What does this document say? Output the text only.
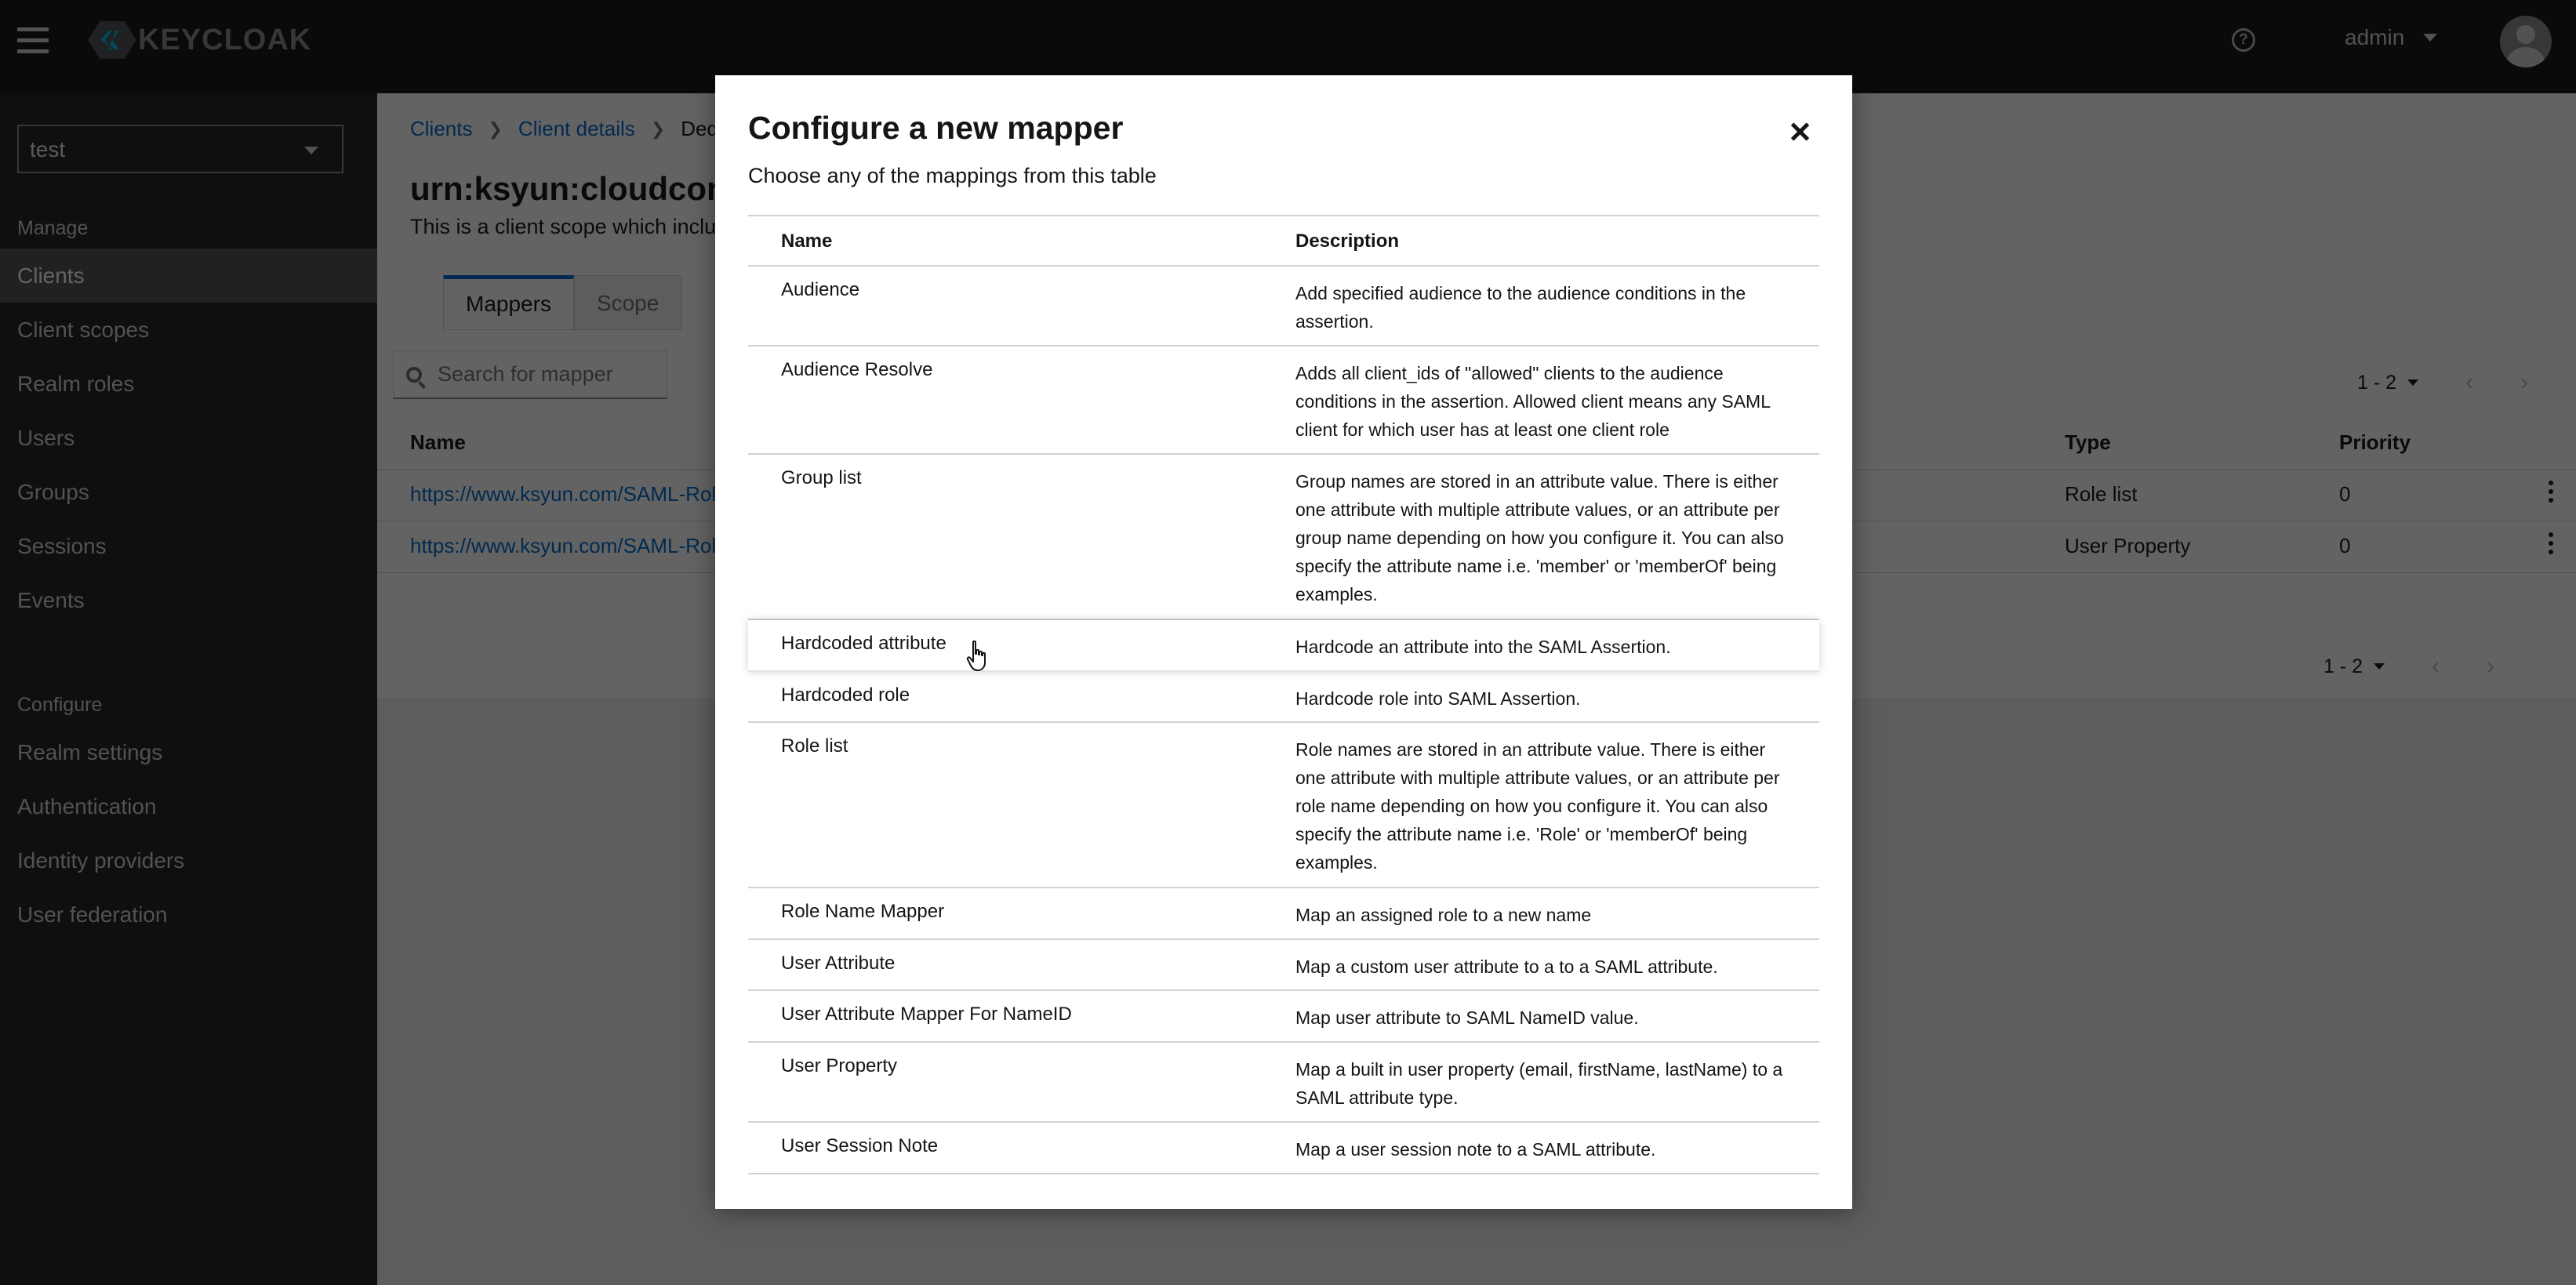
Search for mapper
Configure a new mapper

Choose any of the mappings from this table

Name	Description
Audience	Add specified audience to the audience conditions in the assertion.
Audience Resolve	Adds all client_ids of "allowed" clients to the audience conditions in the assertion. Allowed client means any SAML client for which user has at least one client role
Group list	Group names are stored in an attribute value. There is either one attribute with multiple attribute values, or an attribute per group name depending on how you configure it. You can also specify the attribute name i.e. 'member' or 'memberOf' being examples.
Hardcoded attribute	Hardcode an attribute into the SAML Assertion.
Hardcoded role	Hardcode role into SAML Assertion.
Role list	Role names are stored in an attribute value. There is either one attribute with multiple attribute values, or an attribute per role name depending on how you configure it. You can also specify the attribute name i.e. 'Role' or 'memberOf' being examples.
Role Name Mapper	Map an assigned role to a new name
User Attribute	Map a custom user attribute to a to a SAML attribute.
User Attribute Mapper For NameID	Map user attribute to SAML NameID value.
User Property	Map a built in user property (email, firstName, lastName) to a SAML attribute type.
User Session Note	Map a user session note to a SAML attribute.
